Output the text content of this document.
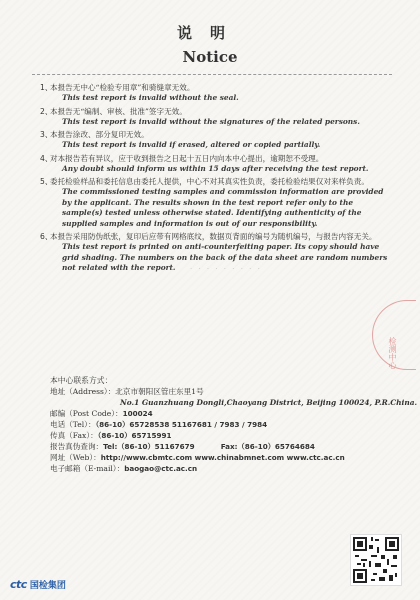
说明
Notice
1、本报告无中心“检验专用章”和骑缝章无效。
This test report is invalid without the seal.
2、本报告无“编制、审核、批准”签字无效。
This test report is invalid without the signatures of the related persons.
3、本报告涂改、部分复印无效。
This test report is invalid if erased, altered or copied partially.
4、对本报告若有异议，应于收到报告之日起十五日内向本中心提出，逾期恕不受理。
Any doubt should inform us within 15 days after receiving the test report.
5、委托检验样品和委托信息由委托人提供，中心不对其真实性负责，委托检验结果仅对来样负责。
The commissioned testing samples and commission information are provided by the applicant. The results shown in the test report refer only to the sample(s) tested unless otherwise stated. Identifying authenticity of the supplied samples and information is out of our responsibility.
6、本报告采用防伪纸张，复印后应带有网格底纹，数据页背面的编号为随机编号，与报告内容无关。
This test report is printed on anti-counterfeiting paper. Its copy should have grid shading. The numbers on the back of the data sheet are random numbers not related with the report.	· · · · · · · · ·
检测中心
本中心联系方式：
地址（Address）：北京市朝阳区管庄东里1号
No.1 Guanzhuang Dongli,Chaoyang District, Beijing 100024, P.R.China.
邮编（Post Code）：100024
电话（Tel）：（86-10）65728538 51167681 / 7983 / 7984
传真（Fax）：（86-10）65715991
报告真伪查询：Tel:（86-10）51167679	Fax:（86-10）65764684
网址（Web）：http://www.cbmtc.com www.chinabmnet.com www.ctc.ac.cn
电子邮箱（E-mail）：baogao@ctc.ac.cn
ctc 国检集团
